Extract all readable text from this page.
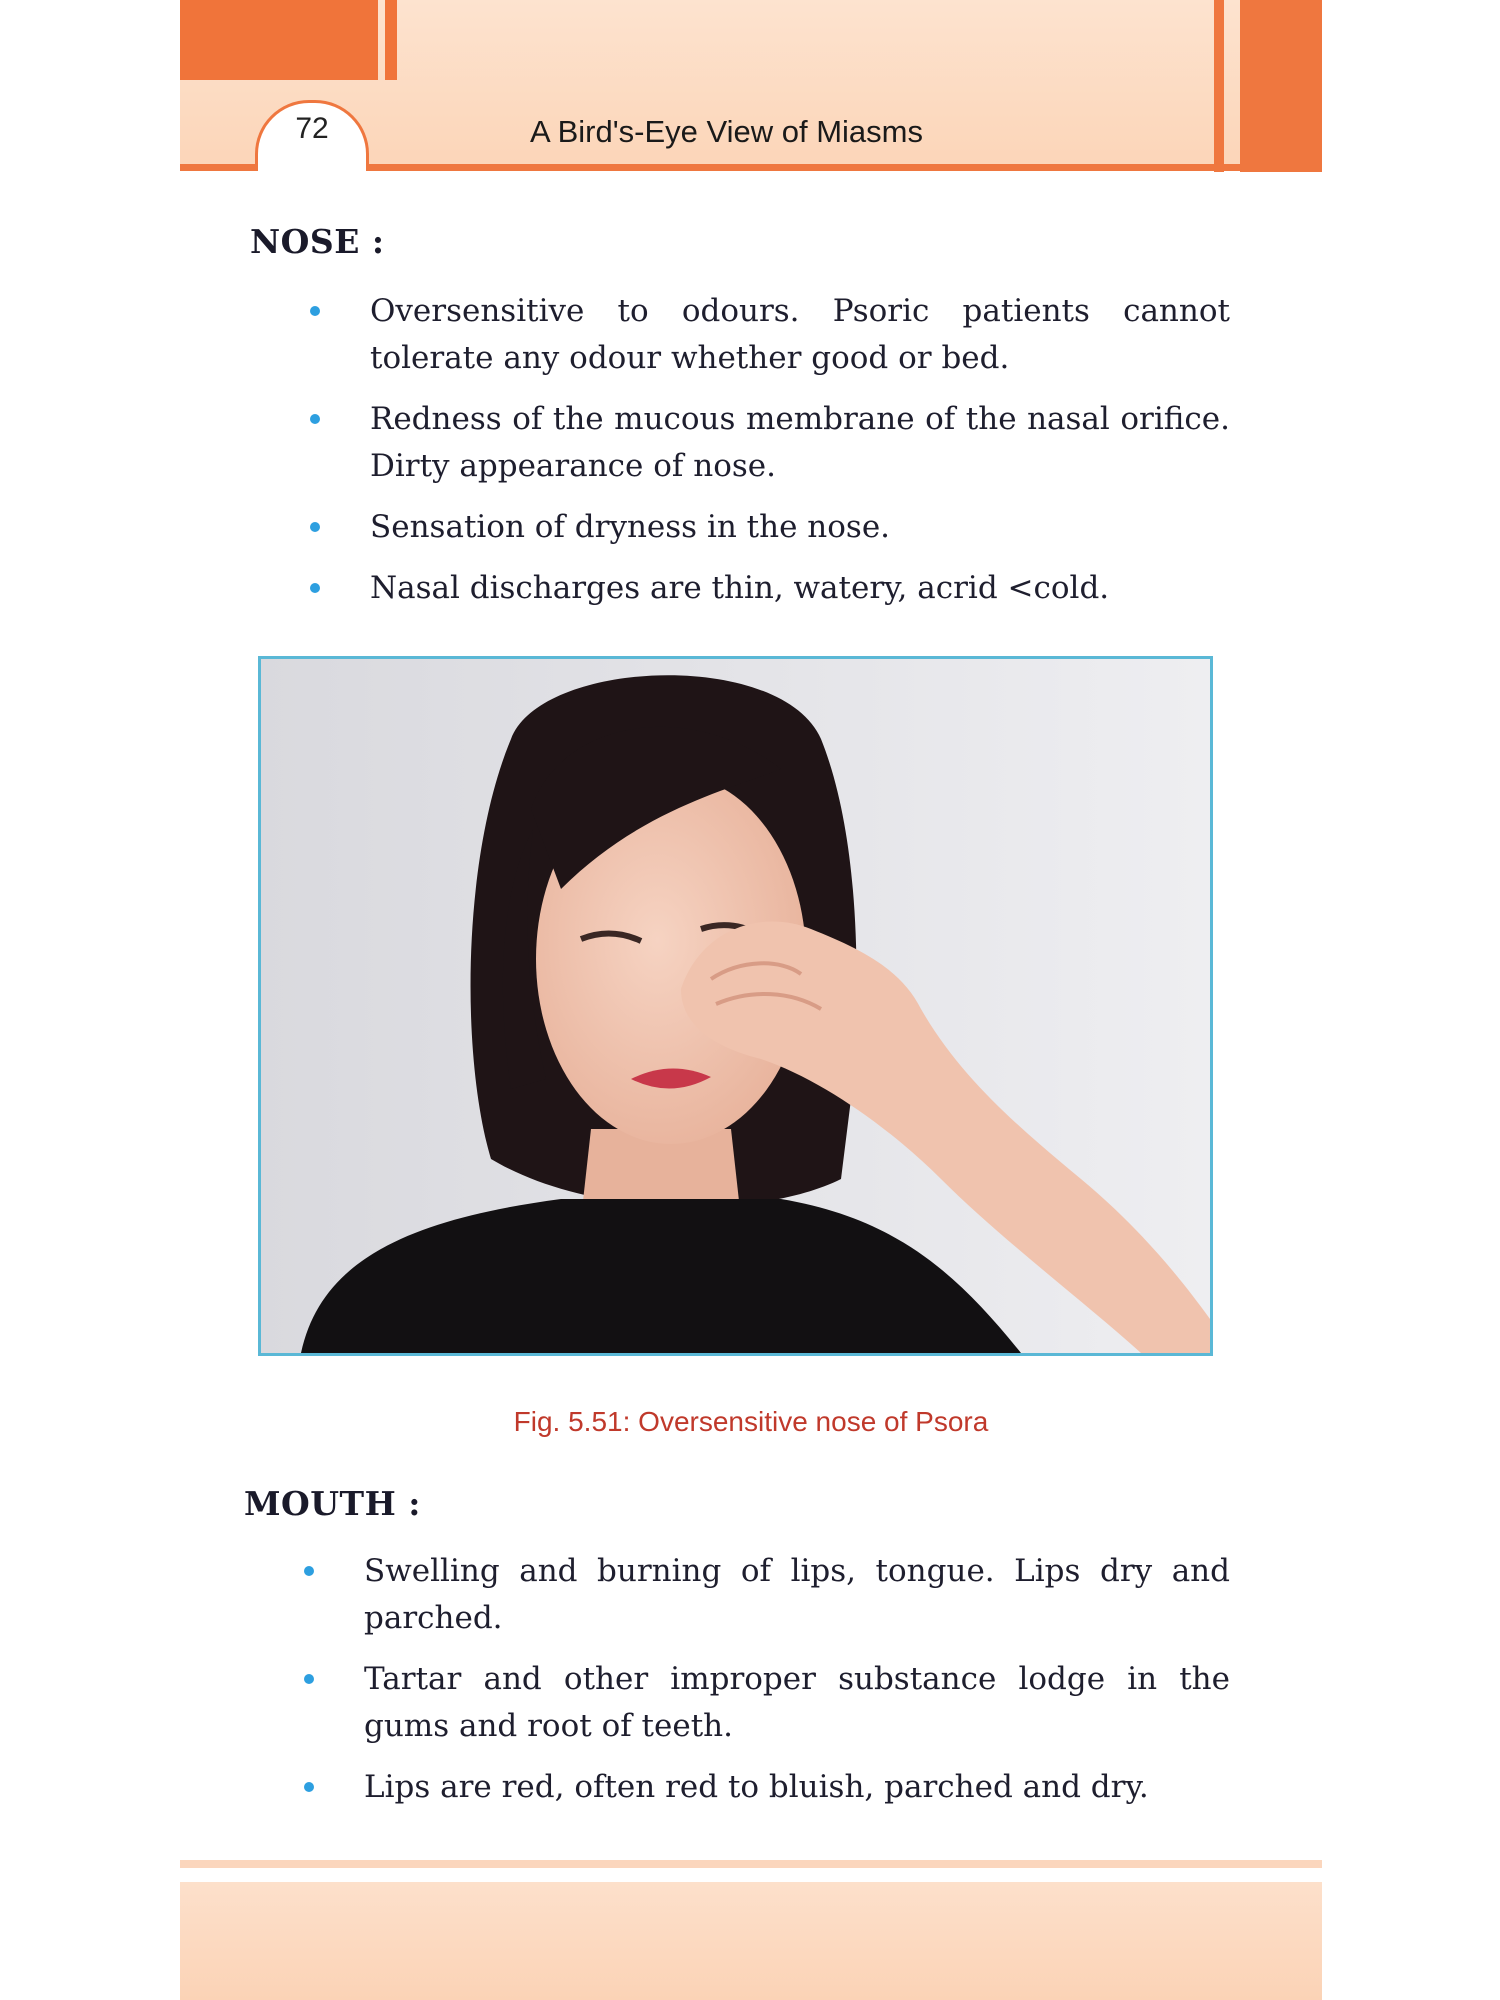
72	A Bird's-Eye View of Miasms
NOSE :
Oversensitive to odours. Psoric patients cannot tolerate any odour whether good or bed.
Redness of the mucous membrane of the nasal orifice. Dirty appearance of nose.
Sensation of dryness in the nose.
Nasal discharges are thin, watery, acrid <cold.
Fig. 5.51: Oversensitive nose of Psora
MOUTH :
Swelling and burning of lips, tongue. Lips dry and parched.
Tartar and other improper substance lodge in the gums and root of teeth.
Lips are red, often red to bluish, parched and dry.
